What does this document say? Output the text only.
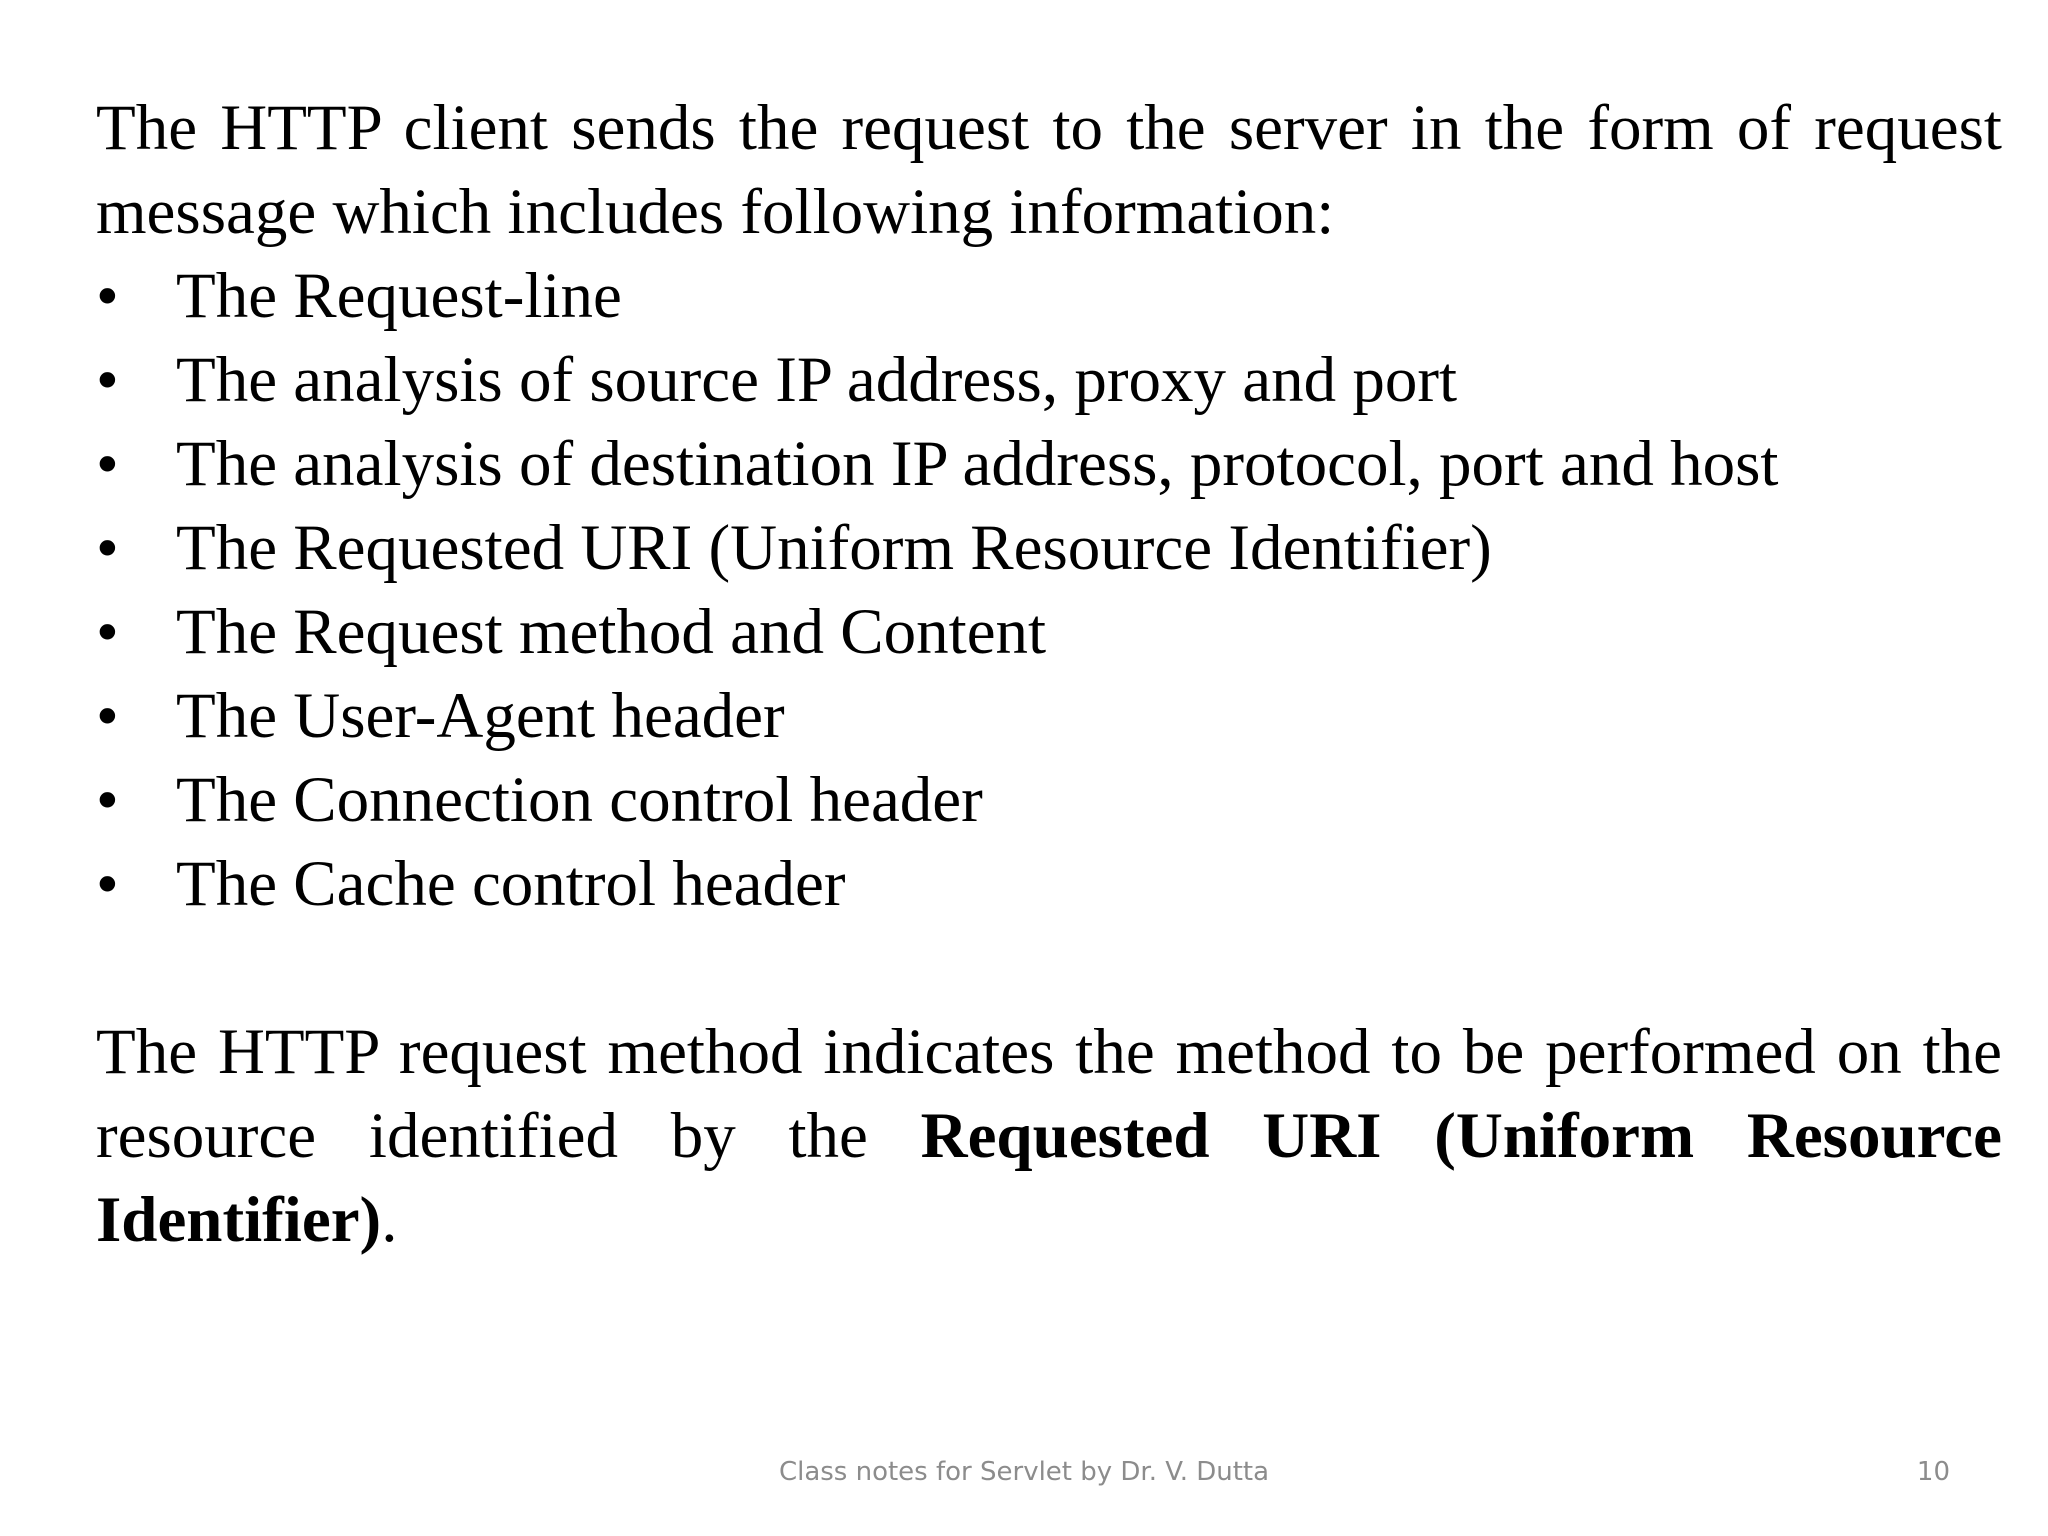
The HTTP client sends the request to the server in the form of request message which includes following information:

• The Request-line
• The analysis of source IP address, proxy and port
• The analysis of destination IP address, protocol, port and host
• The Requested URI (Uniform Resource Identifier)
• The Request method and Content
• The User-Agent header
• The Connection control header
• The Cache control header

The HTTP request method indicates the method to be performed on the resource identified by the Requested URI (Uniform Resource Identifier).

Class notes for Servlet by Dr. V. Dutta	10
